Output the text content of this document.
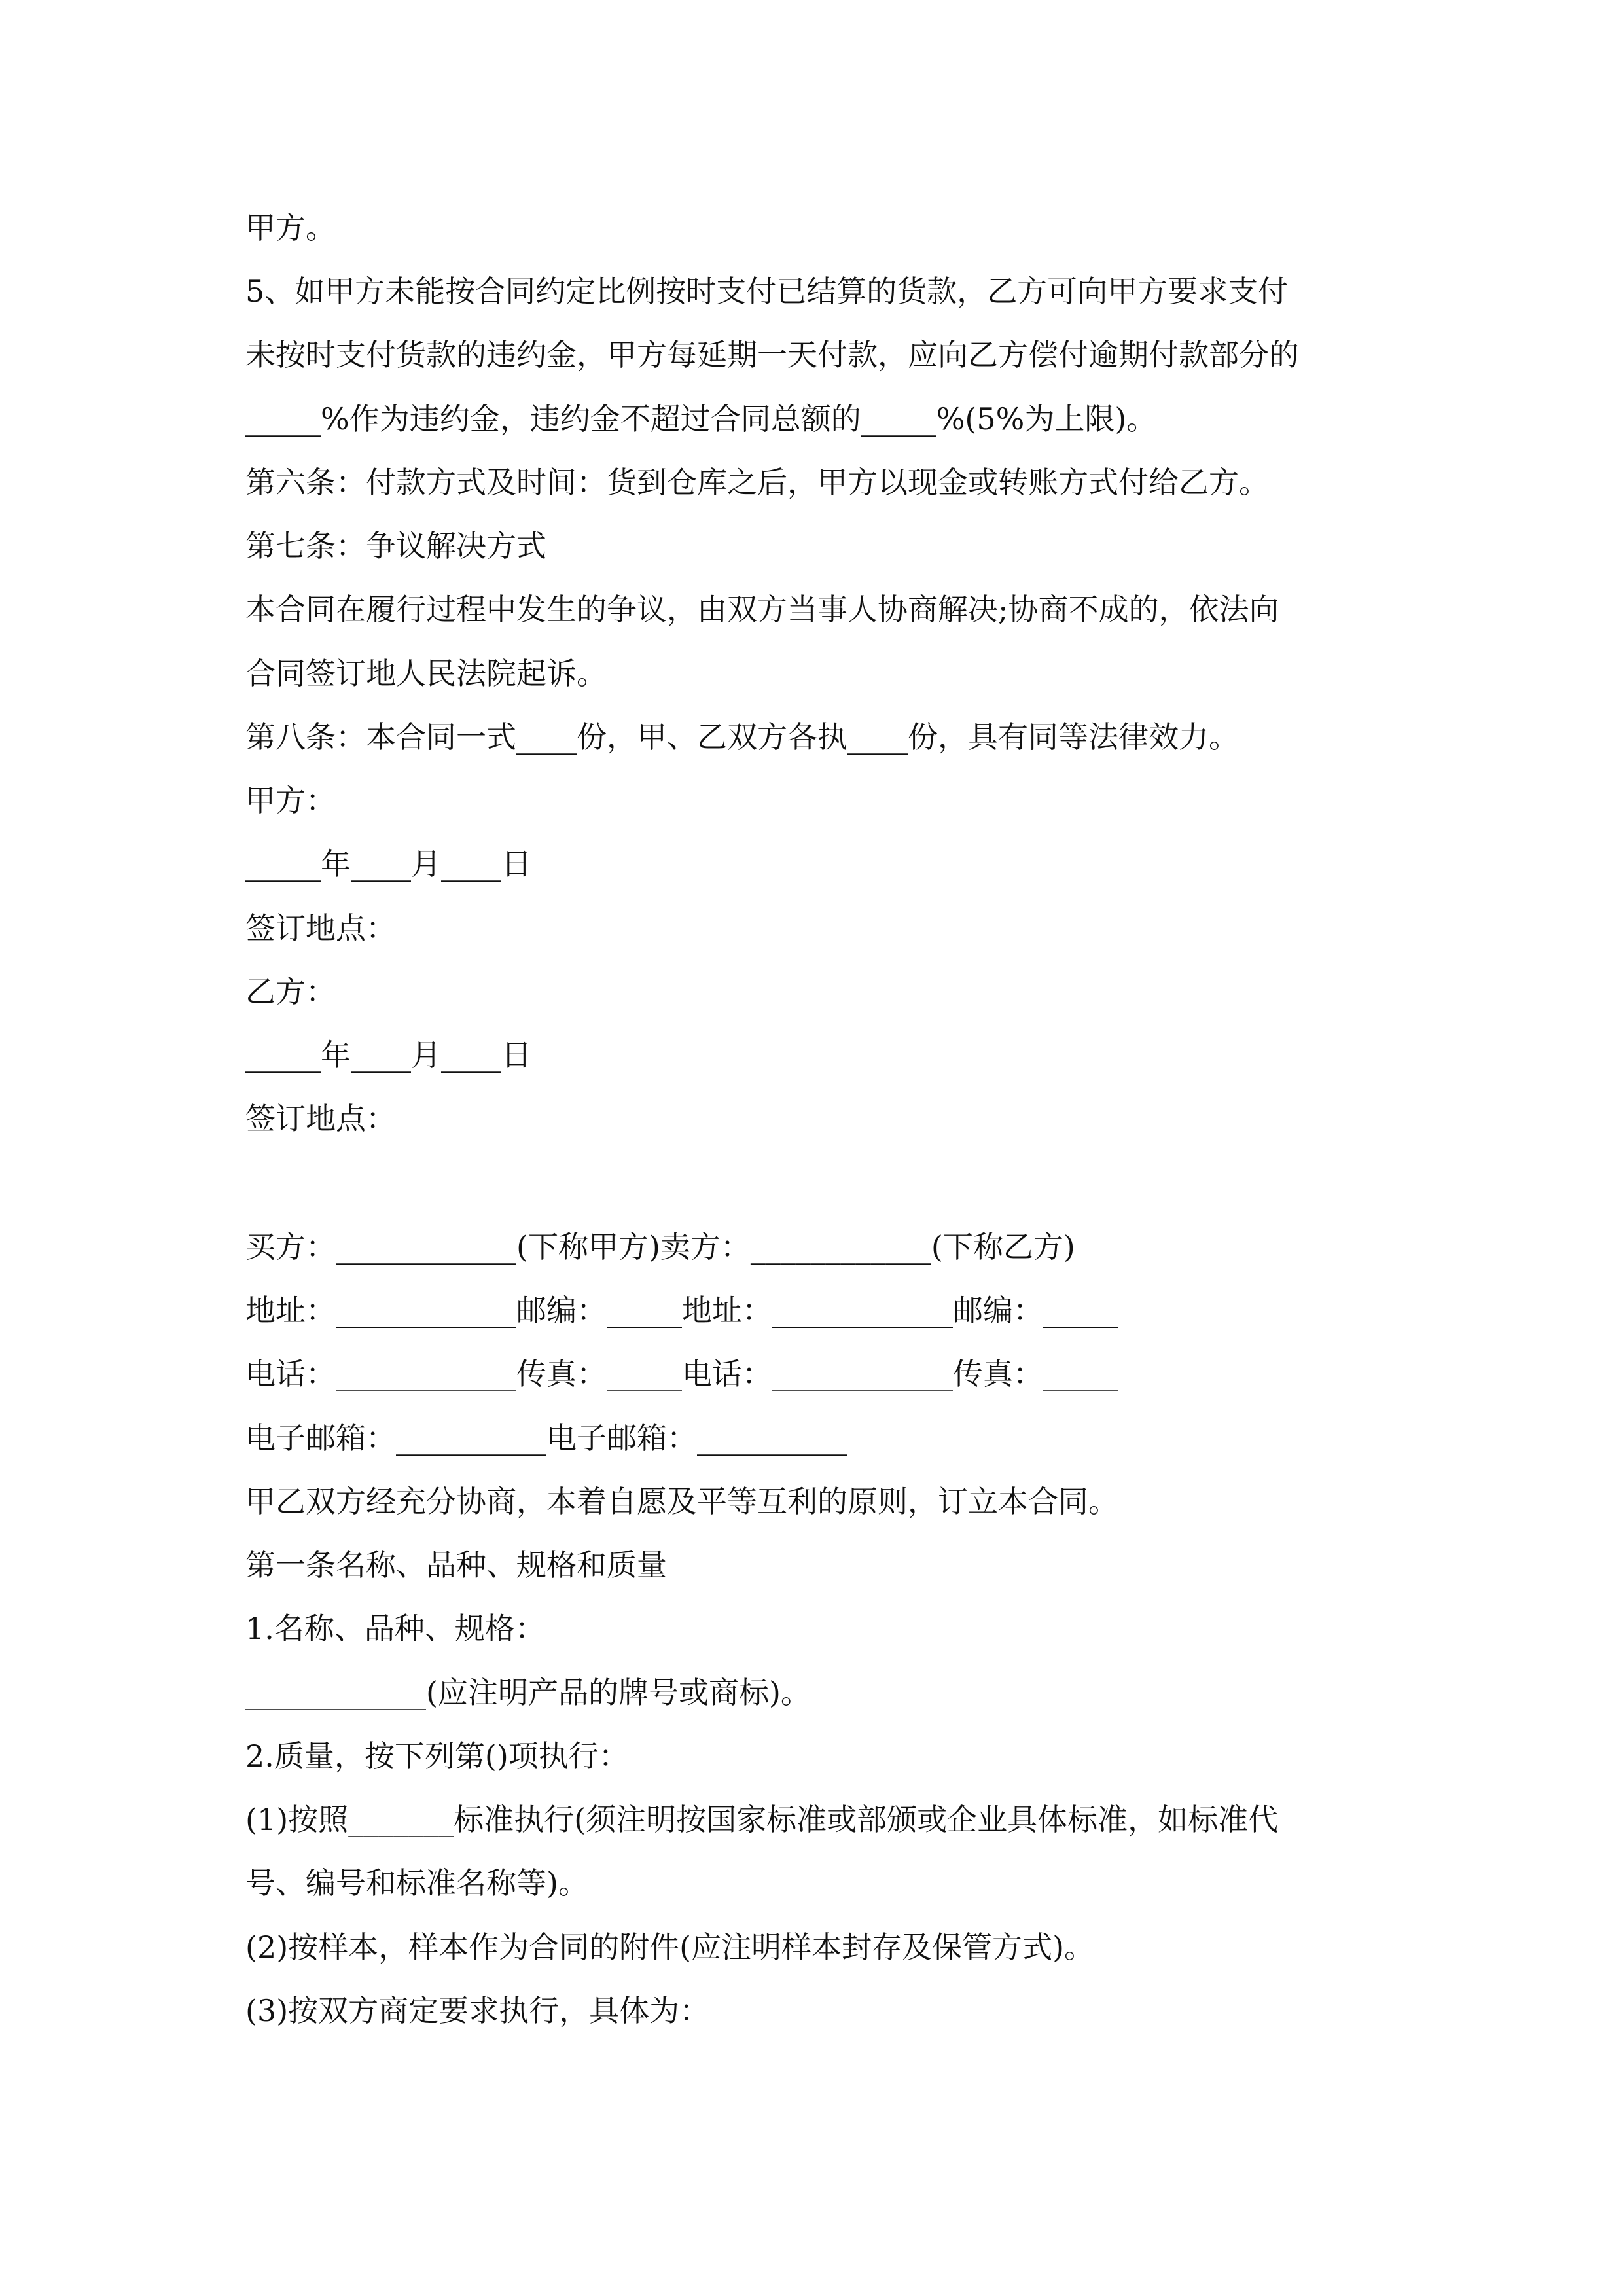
甲方。
5、如甲方未能按合同约定比例按时支付已结算的货款，乙方可向甲方要求支付
未按时支付货款的违约金，甲方每延期一天付款，应向乙方偿付逾期付款部分的
_____%作为违约金，违约金不超过合同总额的_____%(5%为上限)。
第六条：付款方式及时间：货到仓库之后，甲方以现金或转账方式付给乙方。
第七条：争议解决方式
本合同在履行过程中发生的争议，由双方当事人协商解决;协商不成的，依法向
合同签订地人民法院起诉。
第八条：本合同一式____份，甲、乙双方各执____份，具有同等法律效力。
甲方：
_____年____月____日
签订地点：
乙方：
_____年____月____日
签订地点：
买方：____________(下称甲方)卖方：____________(下称乙方)
地址：____________邮编：_____地址：____________邮编：_____
电话：____________传真：_____电话：____________传真：_____
电子邮箱：__________电子邮箱：__________
甲乙双方经充分协商，本着自愿及平等互利的原则，订立本合同。
第一条名称、品种、规格和质量
1.名称、品种、规格：
____________(应注明产品的牌号或商标)。
2.质量，按下列第()项执行：
(1)按照_______标准执行(须注明按国家标准或部颁或企业具体标准，如标准代
号、编号和标准名称等)。
(2)按样本，样本作为合同的附件(应注明样本封存及保管方式)。
(3)按双方商定要求执行，具体为：
